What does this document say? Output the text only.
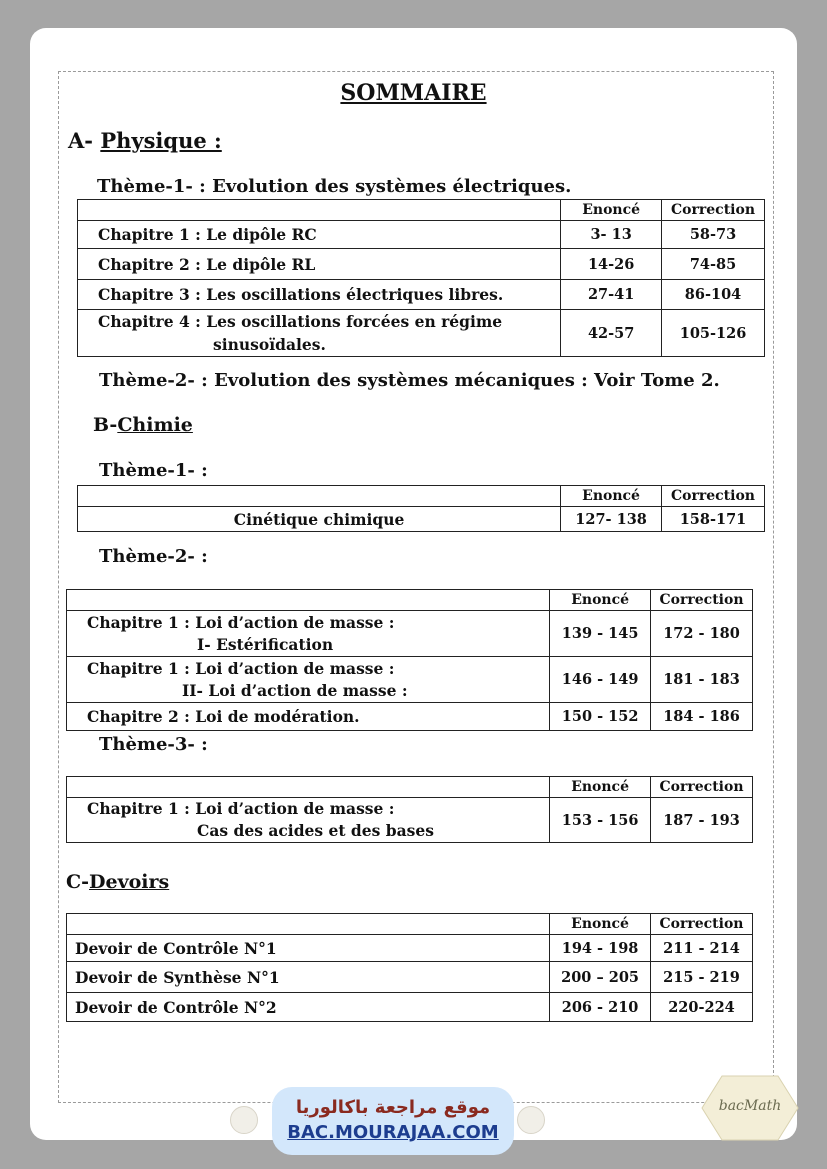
SOMMAIRE
A- Physique :
Thème-1- : Evolution des systèmes électriques.
	Enoncé	Correction
Chapitre 1 : Le dipôle RC	3- 13	58-73
Chapitre 2 : Le dipôle RL	14-26	74-85
Chapitre 3 : Les oscillations électriques libres.	27-41	86-104
Chapitre 4 : Les oscillations forcées en régime
sinusoïdales.	42-57	105-126
Thème-2- : Evolution des systèmes mécaniques : Voir Tome 2.
B-Chimie
Thème-1- :
	Enoncé	Correction
Cinétique chimique	127- 138	158-171
Thème-2- :
	Enoncé	Correction
Chapitre 1 : Loi d’action de masse :
I- Estérification	139 - 145	172 - 180
Chapitre 1 : Loi d’action de masse :
II- Loi d’action de masse :	146 - 149	181 - 183
Chapitre 2 : Loi de modération.	150 - 152	184 - 186
Thème-3- :
	Enoncé	Correction
Chapitre 1 : Loi d’action de masse :
Cas des acides et des bases	153 - 156	187 - 193
C-Devoirs
	Enoncé	Correction
Devoir de Contrôle N°1	194 - 198	211 - 214
Devoir de Synthèse N°1	200 – 205	215 - 219
Devoir de Contrôle N°2	206 - 210	220-224
موقع مراجعة باكالوريا
BAC.MOURAJAA.COM
bacMath
